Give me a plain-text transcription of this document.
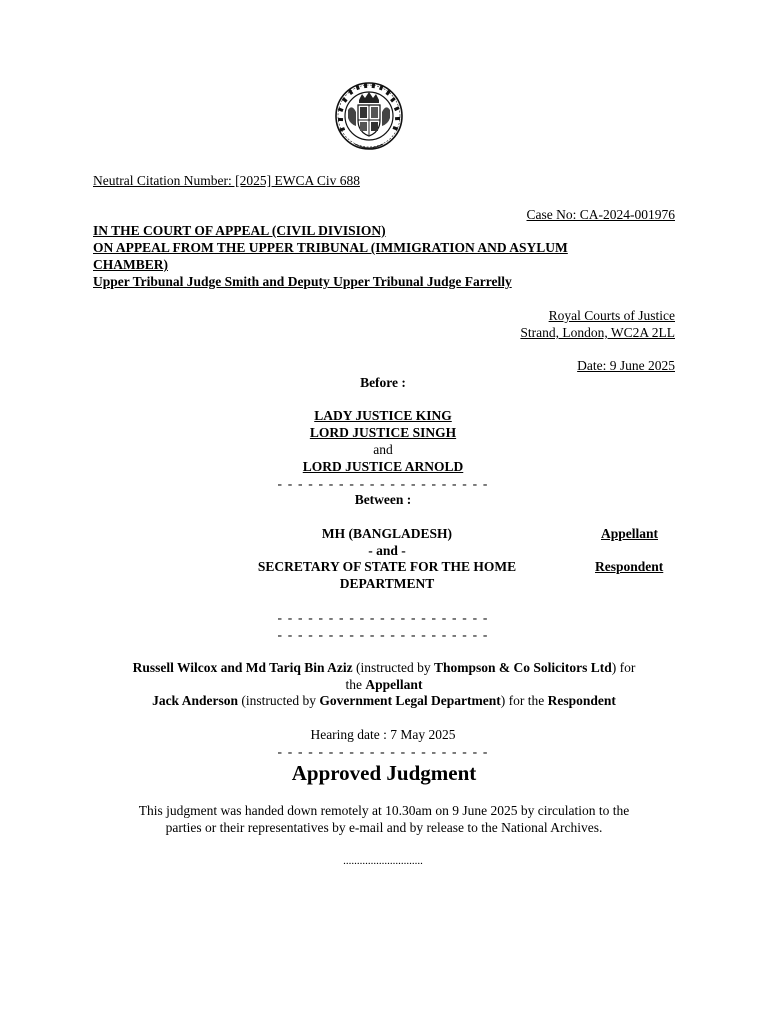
Neutral Citation Number: [2025] EWCA Civ 688
Case No: CA-2024-001976
IN THE COURT OF APPEAL (CIVIL DIVISION)
ON APPEAL FROM THE UPPER TRIBUNAL (IMMIGRATION AND ASYLUM
CHAMBER)
Upper Tribunal Judge Smith and Deputy Upper Tribunal Judge Farrelly
Royal Courts of Justice
Strand, London, WC2A 2LL
Date: 9 June 2025
Before :
LADY JUSTICE KING
LORD JUSTICE SINGH
and
LORD JUSTICE ARNOLD
- - - - - - - - - - - - - - - - - - - - -
Between :
MH (BANGLADESH)	Appellant
- and -
SECRETARY OF STATE FOR THE HOME
DEPARTMENT
Respondent
- - - - - - - - - - - - - - - - - - - - -
- - - - - - - - - - - - - - - - - - - - -
Russell Wilcox and Md Tariq Bin Aziz (instructed by Thompson & Co Solicitors Ltd) for
the Appellant
Jack Anderson (instructed by Government Legal Department) for the Respondent
Hearing date : 7 May 2025
- - - - - - - - - - - - - - - - - - - - -
Approved Judgment
This judgment was handed down remotely at 10.30am on 9 June 2025 by circulation to the
parties or their representatives by e-mail and by release to the National Archives.
.............................
